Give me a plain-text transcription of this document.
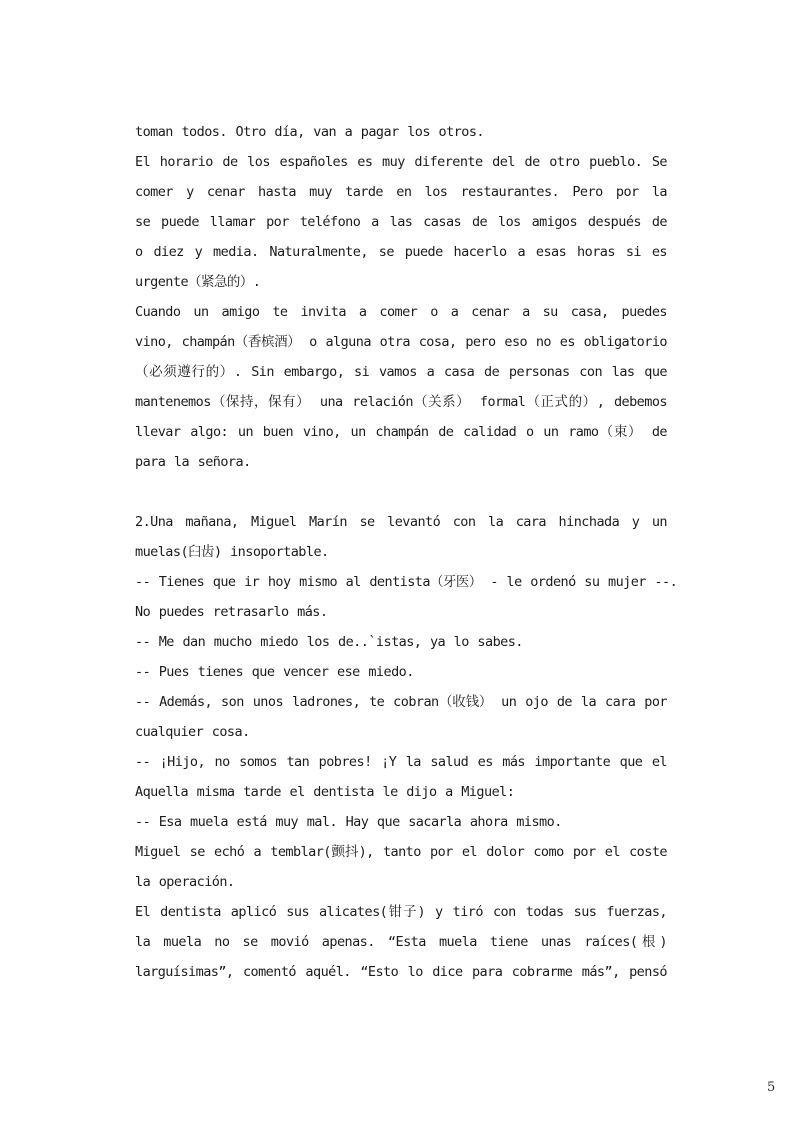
toman todos. Otro día, van a pagar los otros.
El horario de los españoles es muy diferente del de otro pueblo. Se
comer y cenar hasta muy tarde en los restaurantes. Pero por la
se puede llamar por teléfono a las casas de los amigos después de
o diez y media. Naturalmente, se puede hacerlo a esas horas si es
urgente（紧急的）.
Cuando un amigo te invita a comer o a cenar a su casa, puedes
vino, champán（香槟酒） o alguna otra cosa, pero eso no es obligatorio
（必须遵行的）. Sin embargo, si vamos a casa de personas con las que
mantenemos（保持，保有） una relación（关系） formal（正式的）, debemos
llevar algo: un buen vino, un champán de calidad o un ramo（束） de
para la señora.
2.Una mañana, Miguel Marín se levantó con la cara hinchada y un
muelas(臼齿) insoportable.
-- Tienes que ir hoy mismo al dentista（牙医） - le ordenó su mujer --.
No puedes retrasarlo más.
-- Me dan mucho miedo los de..`istas, ya lo sabes.
-- Pues tienes que vencer ese miedo.
-- Además, son unos ladrones, te cobran（收钱） un ojo de la cara por
cualquier cosa.
-- ¡Hijo, no somos tan pobres! ¡Y la salud es más importante que el
Aquella misma tarde el dentista le dijo a Miguel:
-- Esa muela está muy mal. Hay que sacarla ahora mismo.
Miguel se echó a temblar(颤抖), tanto por el dolor como por el coste
la operación.
El dentista aplicó sus alicates(钳子) y tiró con todas sus fuerzas,
la muela no se movió apenas. “Esta muela tiene unas raíces(根)
larguísimas”, comentó aquél. “Esto lo dice para cobrarme más”, pensó
5
